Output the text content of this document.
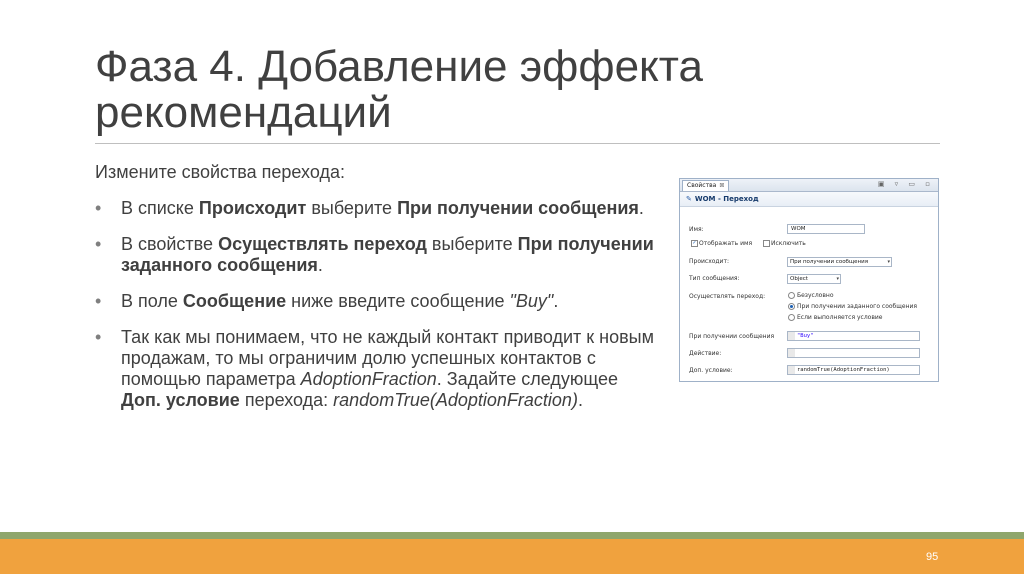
Фаза 4. Добавление эффекта
рекомендаций
Измените свойства перехода:
• В списке Происходит выберите При получении сообщения.
• В свойстве Осуществлять переход выберите При получении заданного сообщения.
• В поле Сообщение ниже введите сообщение "Buy".
• Так как мы понимаем, что не каждый контакт приводит к новым продажам, то мы ограничим долю успешных контактов с помощью параметра AdoptionFraction. Задайте следующее Доп. условие перехода: randomTrue(AdoptionFraction).
Свойства ⊠	▣ ▿ ▭ ▫
✎ WOM - Переход
Имя:	WOM
✓ Отображать имя	Исключить
Происходит:	При получении сообщения	▾
Тип сообщения:	Object	▾
Осуществлять переход:	Безусловно
При получении заданного сообщения
Если выполняется условие
При получении сообщения	"Buy"
Действие:
Доп. условие:	randomTrue(AdoptionFraction)
95
